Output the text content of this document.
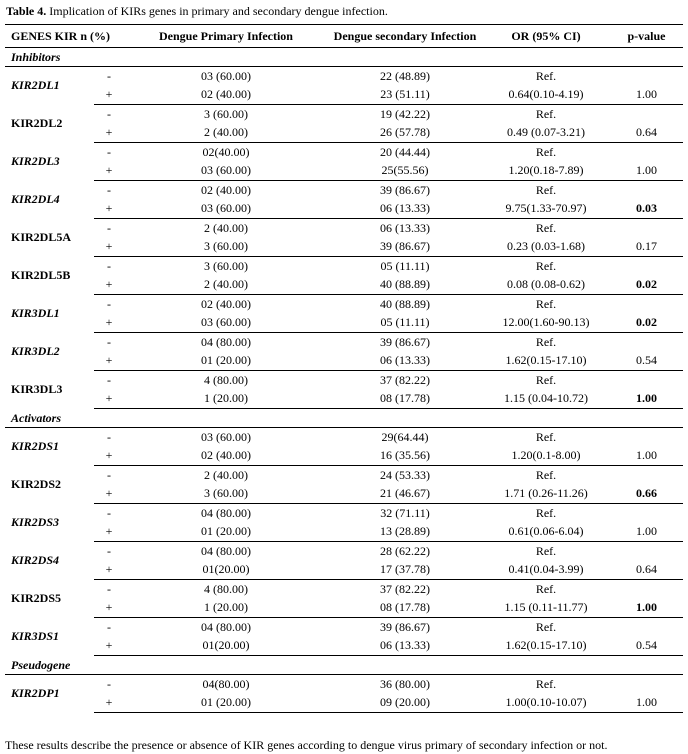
Table 4. Implication of KIRs genes in primary and secondary dengue infection.
GENES KIR n (%)		Dengue Primary Infection	Dengue secondary Infection	OR (95% CI)	p-value
Inhibitors					
KIR2DL1	-	03 (60.00)	22 (48.89)	Ref.	
	+	02 (40.00)	23 (51.11)	0.64(0.10-4.19)	1.00
KIR2DL2	-	3 (60.00)	19 (42.22)	Ref.	
	+	2 (40.00)	26 (57.78)	0.49 (0.07-3.21)	0.64
KIR2DL3	-	02(40.00)	20 (44.44)	Ref.	
	+	03 (60.00)	25(55.56)	1.20(0.18-7.89)	1.00
KIR2DL4	-	02 (40.00)	39 (86.67)	Ref.	
	+	03 (60.00)	06 (13.33)	9.75(1.33-70.97)	0.03
KIR2DL5A	-	2 (40.00)	06 (13.33)	Ref.	
	+	3 (60.00)	39 (86.67)	0.23 (0.03-1.68)	0.17
KIR2DL5B	-	3 (60.00)	05 (11.11)	Ref.	
	+	2 (40.00)	40 (88.89)	0.08 (0.08-0.62)	0.02
KIR3DL1	-	02 (40.00)	40 (88.89)	Ref.	
	+	03 (60.00)	05 (11.11)	12.00(1.60-90.13)	0.02
KIR3DL2	-	04 (80.00)	39 (86.67)	Ref.	
	+	01 (20.00)	06 (13.33)	1.62(0.15-17.10)	0.54
KIR3DL3	-	4 (80.00)	37 (82.22)	Ref.	
	+	1 (20.00)	08 (17.78)	1.15 (0.04-10.72)	1.00
Activators					
KIR2DS1	-	03 (60.00)	29(64.44)	Ref.	
	+	02 (40.00)	16 (35.56)	1.20(0.1-8.00)	1.00
KIR2DS2	-	2 (40.00)	24 (53.33)	Ref.	
	+	3 (60.00)	21 (46.67)	1.71 (0.26-11.26)	0.66
KIR2DS3	-	04 (80.00)	32 (71.11)	Ref.	
	+	01 (20.00)	13 (28.89)	0.61(0.06-6.04)	1.00
KIR2DS4	-	04 (80.00)	28 (62.22)	Ref.	
	+	01(20.00)	17 (37.78)	0.41(0.04-3.99)	0.64
KIR2DS5	-	4 (80.00)	37 (82.22)	Ref.	
	+	1 (20.00)	08 (17.78)	1.15 (0.11-11.77)	1.00
KIR3DS1	-	04 (80.00)	39 (86.67)	Ref.	
	+	01(20.00)	06 (13.33)	1.62(0.15-17.10)	0.54
Pseudogene					
KIR2DP1	-	04(80.00)	36 (80.00)	Ref.	
	+	01 (20.00)	09 (20.00)	1.00(0.10-10.07)	1.00
These results describe the presence or absence of KIR genes according to dengue virus primary of secondary infection or not.
